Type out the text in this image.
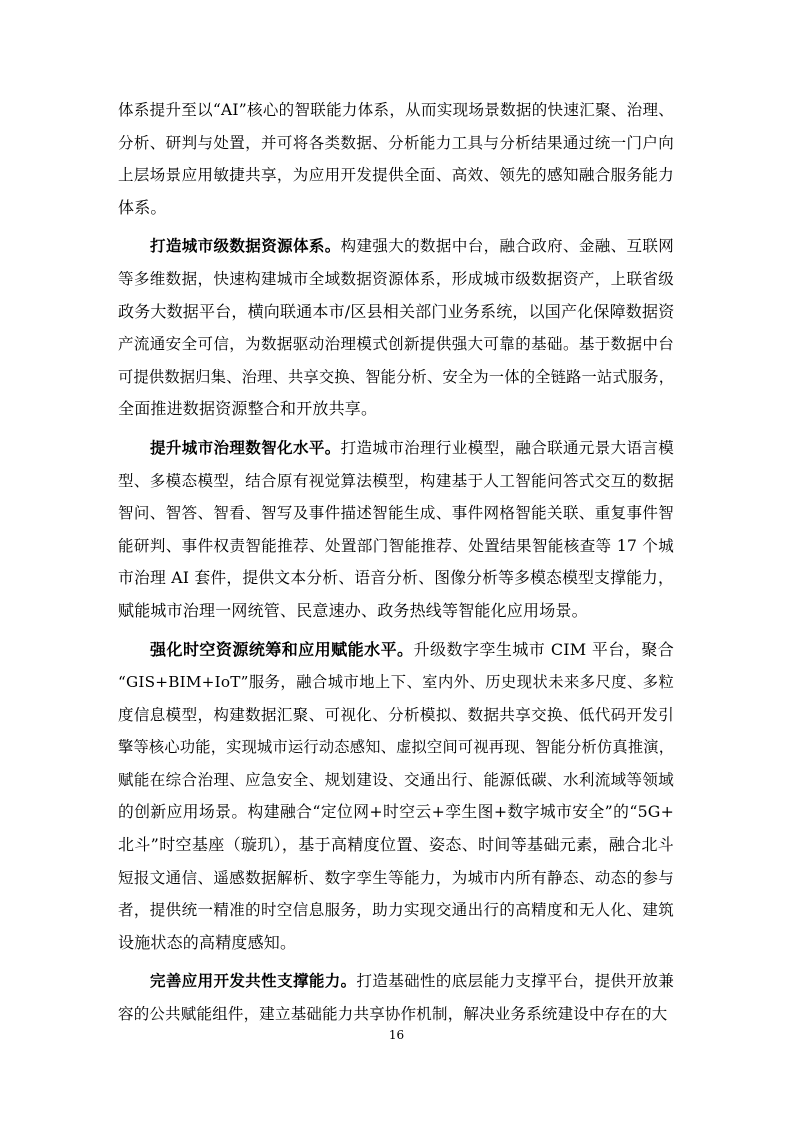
体系提升至以“AI”核心的智联能力体系，从而实现场景数据的快速汇聚、治理、
分析、研判与处置，并可将各类数据、分析能力工具与分析结果通过统一门户向
上层场景应用敏捷共享，为应用开发提供全面、高效、领先的感知融合服务能力
体系。
打造城市级数据资源体系。构建强大的数据中台，融合政府、金融、互联网
等多维数据，快速构建城市全域数据资源体系，形成城市级数据资产，上联省级
政务大数据平台，横向联通本市/区县相关部门业务系统，以国产化保障数据资
产流通安全可信，为数据驱动治理模式创新提供强大可靠的基础。基于数据中台
可提供数据归集、治理、共享交换、智能分析、安全为一体的全链路一站式服务，
全面推进数据资源整合和开放共享。
提升城市治理数智化水平。打造城市治理行业模型，融合联通元景大语言模
型、多模态模型，结合原有视觉算法模型，构建基于人工智能问答式交互的数据
智问、智答、智看、智写及事件描述智能生成、事件网格智能关联、重复事件智
能研判、事件权责智能推荐、处置部门智能推荐、处置结果智能核查等 17 个城
市治理 AI 套件，提供文本分析、语音分析、图像分析等多模态模型支撑能力，
赋能城市治理一网统管、民意速办、政务热线等智能化应用场景。
强化时空资源统筹和应用赋能水平。升级数字孪生城市 CIM 平台，聚合
“GIS+BIM+IoT”服务，融合城市地上下、室内外、历史现状未来多尺度、多粒
度信息模型，构建数据汇聚、可视化、分析模拟、数据共享交换、低代码开发引
擎等核心功能，实现城市运行动态感知、虚拟空间可视再现、智能分析仿真推演，
赋能在综合治理、应急安全、规划建设、交通出行、能源低碳、水利流域等领域
的创新应用场景。构建融合“定位网+时空云+孪生图+数字城市安全”的“5G+
北斗”时空基座（璇玑），基于高精度位置、姿态、时间等基础元素，融合北斗
短报文通信、遥感数据解析、数字孪生等能力，为城市内所有静态、动态的参与
者，提供统一精准的时空信息服务，助力实现交通出行的高精度和无人化、建筑
设施状态的高精度感知。
完善应用开发共性支撑能力。打造基础性的底层能力支撑平台，提供开放兼
容的公共赋能组件，建立基础能力共享协作机制，解决业务系统建设中存在的大
16
